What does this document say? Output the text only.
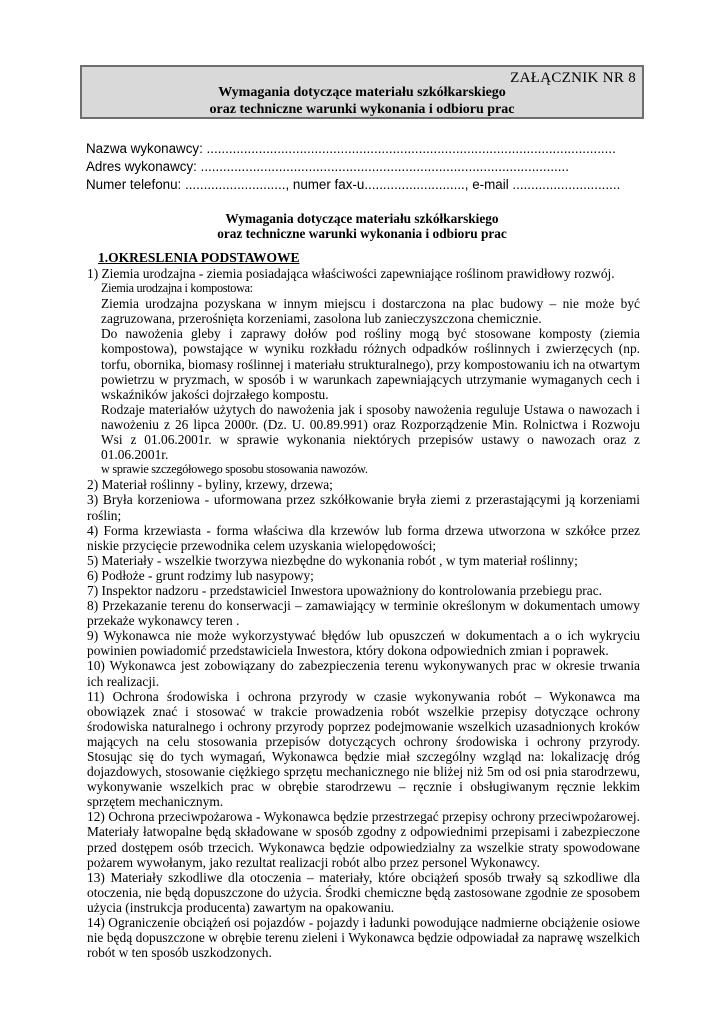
ZAŁĄCZNIK NR 8
Wymagania dotyczące materiału szkółkarskiego
oraz techniczne warunki wykonania i odbioru prac
Nazwa wykonawcy: ..............................................................................................................
Adres wykonawcy: ...................................................................................................
Numer telefonu: ..........................., numer fax-u..........................., e-mail .............................
Wymagania dotyczące materiału szkółkarskiego
oraz techniczne warunki wykonania i odbioru prac
1.OKRESLENIA PODSTAWOWE

1) Ziemia urodzajna - ziemia posiadająca właściwości zapewniające roślinom prawidłowy rozwój.

Ziemia urodzajna i kompostowa:

Ziemia urodzajna pozyskana w innym miejscu i dostarczona na plac budowy – nie może być zagruzowana, przerośnięta korzeniami, zasolona lub zanieczyszczona chemicznie.

Do nawożenia gleby i zaprawy dołów pod rośliny mogą być stosowane komposty (ziemia kompostowa), powstające w wyniku rozkładu różnych odpadków roślinnych i zwierzęcych (np. torfu, obornika, biomasy roślinnej i materiału strukturalnego), przy kompostowaniu ich na otwartym powietrzu w pryzmach, w sposób i w warunkach zapewniających utrzymanie wymaganych cech i wskaźników jakości dojrzałego kompostu.

Rodzaje materiałów użytych do nawożenia jak i sposoby nawożenia reguluje Ustawa o nawozach i nawożeniu z 26 lipca 2000r. (Dz. U. 00.89.991) oraz Rozporządzenie Min. Rolnictwa i Rozwoju Wsi z 01.06.2001r. w sprawie wykonania niektórych przepisów ustawy o nawozach oraz z 01.06.2001r.

w sprawie szczegółowego sposobu stosowania nawozów.

2) Materiał roślinny - byliny, krzewy, drzewa;

3) Bryła korzeniowa - uformowana przez szkółkowanie bryła ziemi z przerastającymi ją korzeniami roślin;

4) Forma krzewiasta - forma właściwa dla krzewów lub forma drzewa utworzona w szkółce przez niskie przycięcie przewodnika celem uzyskania wielopędowości;

5) Materiały - wszelkie tworzywa niezbędne do wykonania robót , w tym materiał roślinny;

6) Podłoże - grunt rodzimy lub nasypowy;

7) Inspektor nadzoru - przedstawiciel Inwestora upoważniony do kontrolowania przebiegu prac.

8) Przekazanie terenu do konserwacji – zamawiający w terminie określonym w dokumentach umowy przekaże wykonawcy teren .

9) Wykonawca nie może wykorzystywać błędów lub opuszczeń w dokumentach a o ich wykryciu powinien powiadomić przedstawiciela Inwestora, który dokona odpowiednich zmian i poprawek.

10) Wykonawca jest zobowiązany do zabezpieczenia terenu wykonywanych prac w okresie trwania ich realizacji.

11) Ochrona środowiska i ochrona przyrody w czasie wykonywania robót – Wykonawca ma obowiązek znać i stosować w trakcie prowadzenia robót wszelkie przepisy dotyczące ochrony środowiska naturalnego i ochrony przyrody poprzez podejmowanie wszelkich uzasadnionych kroków mających na celu stosowania przepisów dotyczących ochrony środowiska i ochrony przyrody. Stosując się do tych wymagań, Wykonawca będzie miał szczególny wzgląd na: lokalizację dróg dojazdowych, stosowanie ciężkiego sprzętu mechanicznego nie bliżej niż 5m od osi pnia starodrzewu, wykonywanie wszelkich prac w obrębie starodrzewu – ręcznie i obsługiwanym ręcznie lekkim sprzętem mechanicznym.

12) Ochrona przeciwpożarowa - Wykonawca będzie przestrzegać przepisy ochrony przeciwpożarowej. Materiały łatwopalne będą składowane w sposób zgodny z odpowiednimi przepisami i zabezpieczone przed dostępem osób trzecich. Wykonawca będzie odpowiedzialny za wszelkie straty spowodowane pożarem wywołanym, jako rezultat realizacji robót albo przez personel Wykonawcy.

13) Materiały szkodliwe dla otoczenia – materiały, które obciążeń sposób trwały są szkodliwe dla otoczenia, nie będą dopuszczone do użycia. Środki chemiczne będą zastosowane zgodnie ze sposobem użycia (instrukcja producenta) zawartym na opakowaniu.

14) Ograniczenie obciążeń osi pojazdów - pojazdy i ładunki powodujące nadmierne obciążenie osiowe nie będą dopuszczone w obrębie terenu zieleni i Wykonawca będzie odpowiadał za naprawę wszelkich robót w ten sposób uszkodzonych.
